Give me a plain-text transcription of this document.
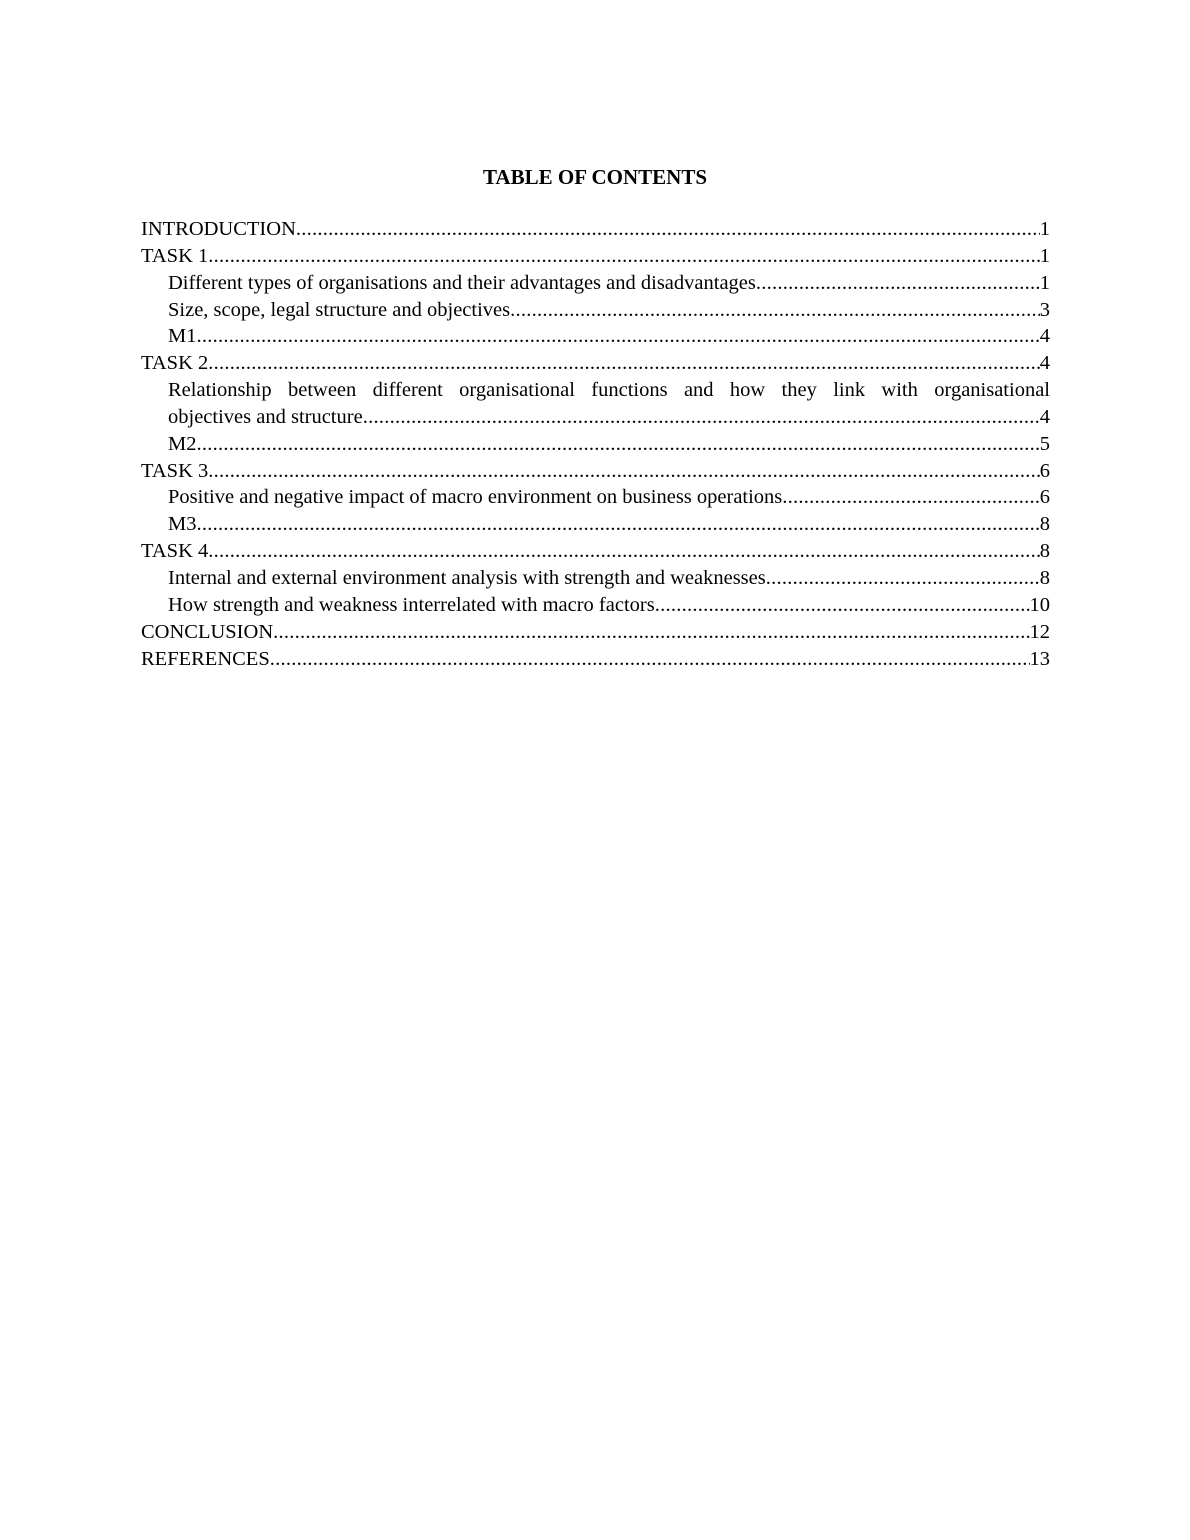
TABLE OF CONTENTS
INTRODUCTION .....	1
TASK 1 .....	1
Different types of organisations and their advantages and disadvantages .....	1
Size, scope, legal structure and objectives .....	3
M1 .....	4
TASK 2 .....	4
Relationship between different organisational functions and how they link with organisational
objectives and structure .....	4
M2 .....	5
TASK 3 .....	6
Positive and negative impact of macro environment on business operations .....	6
M3 .....	8
TASK 4 .....	8
Internal and external environment analysis with strength and weaknesses .....	8
How strength and weakness interrelated with macro factors .....	10
CONCLUSION .....	12
REFERENCES .....	13
